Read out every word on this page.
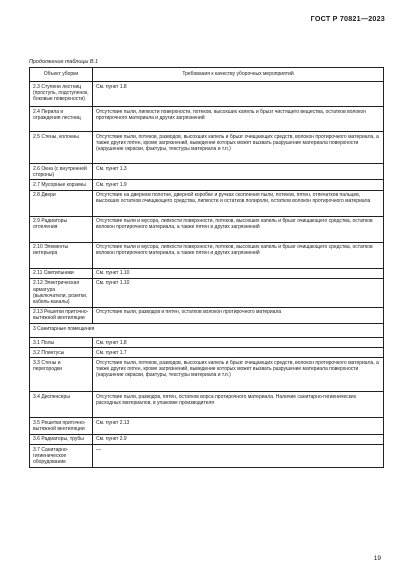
ГОСТ Р 70821—2023
Продолжение таблицы В.1
Объект уборки	Требования к качеству уборочных мероприятий
2.3 Ступени лестниц (проступь, подступенок, боковые поверхности)	См. пункт 1.8
2.4 Перила и ограждения лестниц	Отсутствие пыли, липкости поверхности, потеков, высохших капель и брызг чистящего вещества, остатков волокон протирочного материала и других загрязнений
2.5 Стены, колонны	Отсутствие пыли, потеков, разводов, высохших капель и брызг очищающих средств, волокон протирочного материала, а также других пятен, кроме загрязнений, выведение которых может вызвать разрушение материала поверхности (нарушение окраски, фактуры, текстуры материала и т.п.)
2.6 Окна (с внутренней стороны)	См. пункт 1.3
2.7 Мусорные корзины	См. пункт 1.9
2.8 Двери	Отсутствие на дверном полотне, дверной коробке и ручках скопления пыли, потеков, пятен, отпечатков пальцев, высохших остатков очищающего средства, липкости и остатков полироли, остатков волокон протирочного материала
2.9 Радиаторы отопления	Отсутствие пыли и мусора, липкости поверхности, потеков, высохших капель и брызг очищающего средства, остатков волокон протирочного материала, а также пятен и других загрязнений
2.10 Элементы интерьера	Отсутствие пыли и мусора, липкости поверхности, потеков, высохших капель и брызг очищающего средства, остатков волокон протирочного материала, а также пятен и других загрязнений
2.11 Светильники	См. пункт 1.10
2.12 Электрическая арматура (выключатели, розетки, кабель-каналы)	См. пункт 1.10
2.13 Решетки приточно-вытяжной вентиляции	Отсутствие пыли, разводов и пятен, остатков волокон протирочного материала
3 Санитарные помещения	
3.1 Полы	См. пункт 1.8
3.2 Плинтусы	См. пункт 1.7
3.3 Стены и перегородки	Отсутствие пыли, потеков, разводов, высохших капель и брызг очищающих средств, волокон протирочного материала, а также других пятен, кроме загрязнений, выведение которых может вызвать разрушение материала поверхности (нарушение окраски, фактуры, текстуры материала и т.п.)
3.4 Диспенсеры	Отсутствие пыли, разводов, пятен, остатков ворса протирочного материала. Наличие санитарно-гигиенических расходных материалов, в упаковке производителя
3.5 Решетки приточно-вытяжной вентиляции	См. пункт 2.13
3.6 Радиаторы, трубы	См. пункт 2.9
3.7 Санитарно-гигиеническое оборудование	—
19
